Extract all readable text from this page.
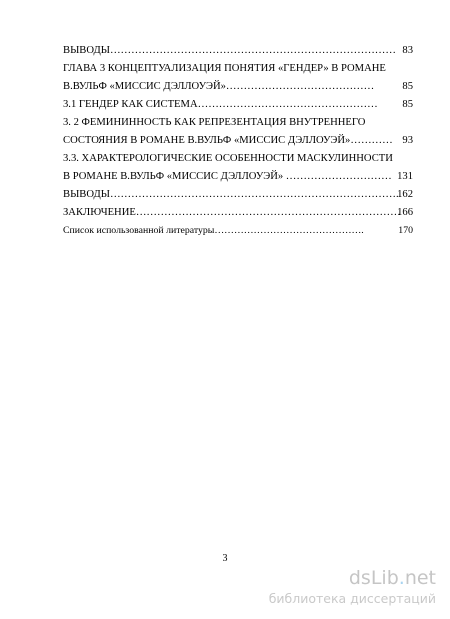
ВЫВОДЫ……………………………………………………………………… 83
ГЛАВА 3 КОНЦЕПТУАЛИЗАЦИЯ ПОНЯТИЯ «ГЕНДЕР» В РОМАНЕ
В.ВУЛЬФ «МИССИС ДЭЛЛОУЭЙ»……………………………………	85
3.1 ГЕНДЕР КАК СИСТЕМА…………………………………………… 85
3. 2 ФЕМИНИННОСТЬ КАК РЕПРЕЗЕНТАЦИЯ ВНУТРЕННЕГО
СОСТОЯНИЯ В РОМАНЕ В.ВУЛЬФ «МИССИС ДЭЛЛОУЭЙ»………… 93
3.3. ХАРАКТЕРОЛОГИЧЕСКИЕ ОСОБЕННОСТИ МАСКУЛИННОСТИ
В РОМАНЕ В.ВУЛЬФ «МИССИС ДЭЛЛОУЭЙ» ………………………… 131
ВЫВОДЫ………………………………………………………………………..
162
ЗАКЛЮЧЕНИЕ…………………………………………………………………
166
Список использованной литературы……………………………………….	170
3
dsLib.net
библиотека диссертаций
